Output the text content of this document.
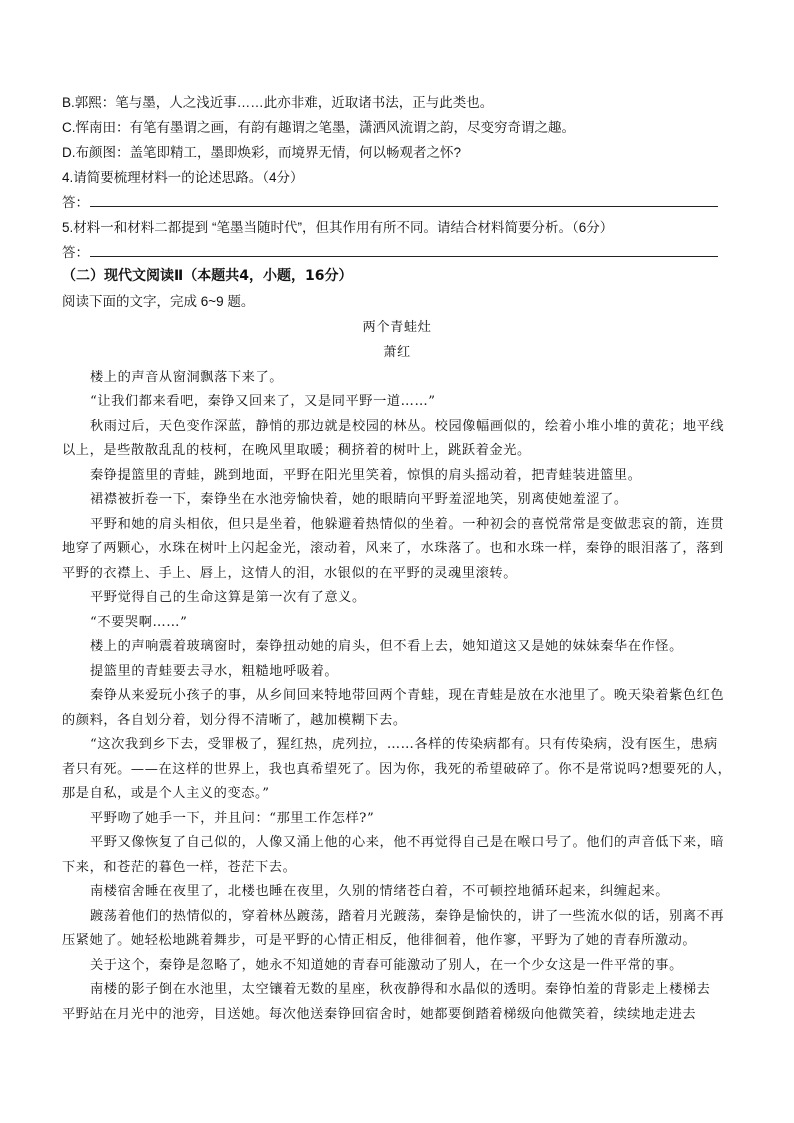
B.郭熙：笔与墨，人之浅近事……此亦非难，近取诸书法，正与此类也。
C.恽南田：有笔有墨谓之画，有韵有趣谓之笔墨，潇洒风流谓之韵，尽变穷奇谓之趣。
D.布颜图：盖笔即精工，墨即焕彩，而境界无情，何以畅观者之怀?
4.请简要梳理材料一的论述思路。（4分）
答：
5.材料一和材料二都提到 “笔墨当随时代”，但其作用有所不同。请结合材料简要分析。（6分）
答：
（二）现代文阅读Ⅱ（本题共4，小题，16分）
阅读下面的文字，完成 6~9 题。
两个青蛙灶
萧红
楼上的声音从窗洞飘落下来了。
“让我们都来看吧，秦铮又回来了，又是同平野一道……”
秋雨过后，天色变作深蓝，静悄的那边就是校园的林丛。校园像幅画似的，绘着小堆小堆的黄花；地平线
以上，是些散散乱乱的枝柯，在晚风里取暖；稠挤着的树叶上，跳跃着金光。
秦铮提篮里的青蛙，跳到地面，平野在阳光里笑着，惊惧的肩头摇动着，把青蛙装进篮里。
裙襟被折卷一下，秦铮坐在水池旁愉快着，她的眼睛向平野羞涩地笑，别离使她羞涩了。
平野和她的肩头相依，但只是坐着，他躲避着热情似的坐着。一种初会的喜悦常常是变做悲哀的箭，连贯
地穿了两颗心，水珠在树叶上闪起金光，滚动着，风来了，水珠落了。也和水珠一样，秦铮的眼泪落了，落到
平野的衣襟上、手上、唇上，这情人的泪，水银似的在平野的灵魂里滚转。
平野觉得自己的生命这算是第一次有了意义。
“不要哭啊……”
楼上的声响震着玻璃窗时，秦铮扭动她的肩头，但不看上去，她知道这又是她的妹妹秦华在作怪。
提篮里的青蛙要去寻水，粗糙地呼吸着。
秦铮从来爱玩小孩子的事，从乡间回来特地带回两个青蛙，现在青蛙是放在水池里了。晚天染着紫色红色
的颜料，各自划分着，划分得不清晰了，越加模糊下去。
“这次我到乡下去，受罪极了，猩红热，虎列拉，……各样的传染病都有。只有传染病，没有医生，患病
者只有死。——在这样的世界上，我也真希望死了。因为你，我死的希望破碎了。你不是常说吗?想要死的人，
那是自私，或是个人主义的变态。”
平野吻了她手一下，并且问：“那里工作怎样?”
平野又像恢复了自己似的，人像又涌上他的心来，他不再觉得自己是在喉口号了。他们的声音低下来，暗
下来，和苍茫的暮色一样，苍茫下去。
南楼宿舍睡在夜里了，北楼也睡在夜里，久别的情绪苍白着，不可顿控地循环起来，纠缠起来。
踱荡着他们的热情似的，穿着林丛踱荡，踏着月光踱荡，秦铮是愉快的，讲了一些流水似的话，别离不再
压紧她了。她轻松地跳着舞步，可是平野的心情正相反，他徘徊着，他作寥，平野为了她的青春所激动。
关于这个，秦铮是忽略了，她永不知道她的青春可能激动了别人，在一个少女这是一件平常的事。
南楼的影子倒在水池里，太空镶着无数的星座，秋夜静得和水晶似的透明。秦铮怕羞的背影走上楼梯去
平野站在月光中的池旁，目送她。每次他送秦铮回宿舍时，她都要倒踏着梯级向他微笑着，续续地走进去
